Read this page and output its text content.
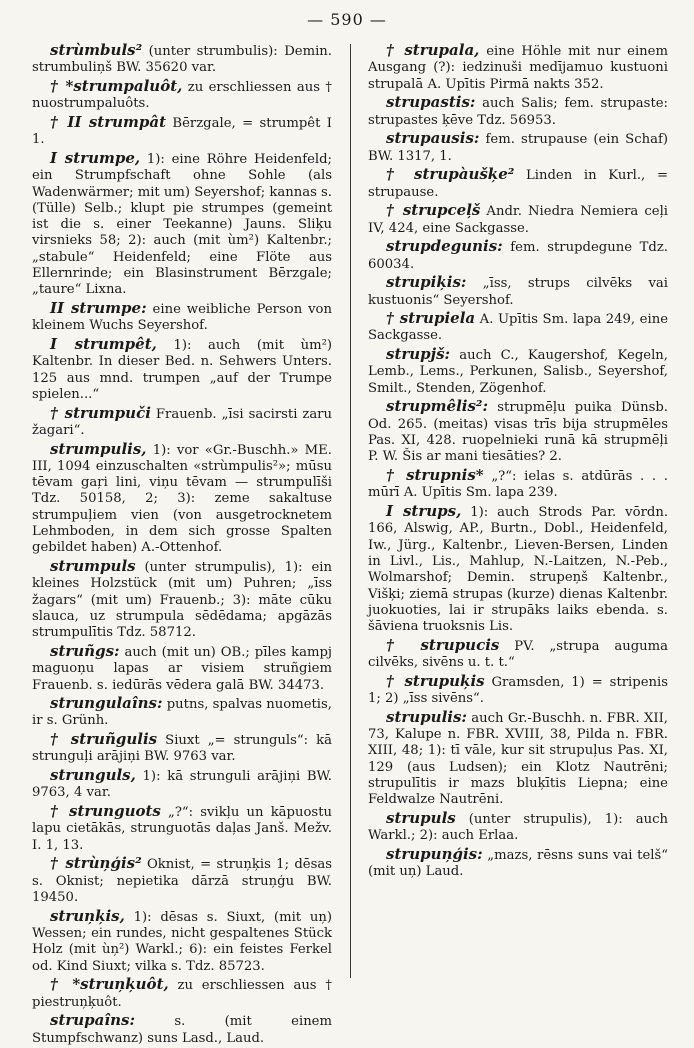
— 590 —

strùmbuls² (unter strumbulis): Demin. strumbuliņš BW. 35620 var.

† *strumpaluôt, zu erschliessen aus † nuostrumpaluôts.

† II strumpât Bērzgale, = strumpêt I 1.

I strumpe, 1): eine Röhre Heidenfeld; ein Strumpfschaft ohne Sohle (als Wadenwärmer; mit um) Seyershof; kannas s. (Tülle) Selb.; klupt pie strumpes (gemeint ist die s. einer Teekanne) Jauns. Sliķu virsnieks 58; 2): auch (mit ùm²) Kaltenbr.; „stabule“ Heidenfeld; eine Flöte aus Ellernrinde; ein Blasinstrument Bērzgale; „taure“ Lixna.

II strumpe: eine weibliche Person von kleinem Wuchs Seyershof.

I strumpêt, 1): auch (mit ùm²) Kaltenbr. In dieser Bed. n. Sehwers Unters. 125 aus mnd. trumpen „auf der Trumpe spielen...“

† strumpuči Frauenb. „īsi sacirsti zaru žagari“.

strumpulis, 1): vor «Gr.-Buschh.» ME. III, 1094 einzuschalten «strùmpulis²»; mūsu tēvam gaŗi lini, viņu tēvam — strumpulīši Tdz. 50158, 2; 3): zeme sakaltuse strumpuļiem vien (von ausgetrocknetem Lehmboden, in dem sich grosse Spalten gebildet haben) A.-Ottenhof.

strumpuls (unter strumpulis), 1): ein kleines Holzstück (mit um) Puhren; „īss žagars“ (mit um) Frauenb.; 3): māte cūku slauca, uz strumpula sēdēdama; apgāzās strumpulītis Tdz. 58712.

struñgs: auch (mit un) OB.; pīles kampj maguoņu lapas ar visiem struñgiem Frauenb. s. iedūrās vēdera galā BW. 34473.

strungulaîns: putns, spalvas nuometis, ir s. Grünh.

† struñgulis Siuxt „= strunguls“: kā strunguļi arājiņi BW. 9763 var.

strunguls, 1): kā strunguli arājiņi BW. 9763, 4 var.

† strunguots „?“: svikļu un kāpuostu lapu cietākās, strunguotās daļas Janš. Mežv. I. 1, 13.

† strùņģis² Oknist, = struņķis 1; dēsas s. Oknist; nepietika dārzā struņģu BW. 19450.

struņķis, 1): dēsas s. Siuxt, (mit uņ) Wessen; ein rundes, nicht gespaltenes Stück Holz (mit ùņ²) Warkl.; 6): ein feistes Ferkel od. Kind Siuxt; vilka s. Tdz. 85723.

† *struņķuôt, zu erschliessen aus † piestruņķuôt.

strupaîns: s. (mit einem Stumpfschwanz) suns Lasd., Laud.

† strupala, eine Höhle mit nur einem Ausgang (?): iedzinuši medījamuo kustuoni strupalā A. Upītis Pirmā nakts 352.

strupastis: auch Salis; fem. strupaste: strupastes ķēve Tdz. 56953.

strupausis: fem. strupause (ein Schaf) BW. 1317, 1.

† strupàušķe² Linden in Kurl., = strupause.

† strupceļš Andr. Niedra Nemiera ceļi IV, 424, eine Sackgasse.

strupdegunis: fem. strupdegune Tdz. 60034.

strupiķis: „īss, strups cilvēks vai kustuonis“ Seyershof.

† strupiela A. Upītis Sm. lapa 249, eine Sackgasse.

strupjš: auch C., Kaugershof, Kegeln, Lemb., Lems., Perkunen, Salisb., Seyershof, Smilt., Stenden, Zögenhof.

strupmêlis²: strupmēļu puika Dünsb. Od. 265. (meitas) visas trīs bija strupmēles Pas. XI, 428. ruopelnieki runā kā strupmēļi P. W. Šis ar mani tiesāties? 2.

† strupnis* „?“: ielas s. atdūrās . . . mūrī A. Upītis Sm. lapa 239.

I strups, 1): auch Strods Par. vōrdn. 166, Alswig, AP., Burtn., Dobl., Heidenfeld, Iw., Jürg., Kaltenbr., Lieven-Bersen, Linden in Livl., Lis., Mahlup, N.-Laitzen, N.-Peb., Wolmarshof; Demin. strupeņš Kaltenbr., Višķi; ziemā strupas (kurze) dienas Kaltenbr. juokuoties, lai ir strupāks laiks ebenda. s. šāviena truoksnis Lis.

† strupucis PV. „strupa auguma cilvēks, sivēns u. t. t.“

† strupuķis Gramsden, 1) = stripenis 1; 2) „īss sivēns“.

strupulis: auch Gr.-Buschh. n. FBR. XII, 73, Kalupe n. FBR. XVIII, 38, Pilda n. FBR. XIII, 48; 1): tī vāle, kur sit strupuļus Pas. XI, 129 (aus Ludsen); ein Klotz Nautrēni; strupulītis ir mazs bluķītis Liepna; eine Feldwalze Nautrēni.

strupuls (unter strupulis), 1): auch Warkl.; 2): auch Erlaa.

strupuņģis: „mazs, rēsns suns vai telš“ (mit uņ) Laud.
